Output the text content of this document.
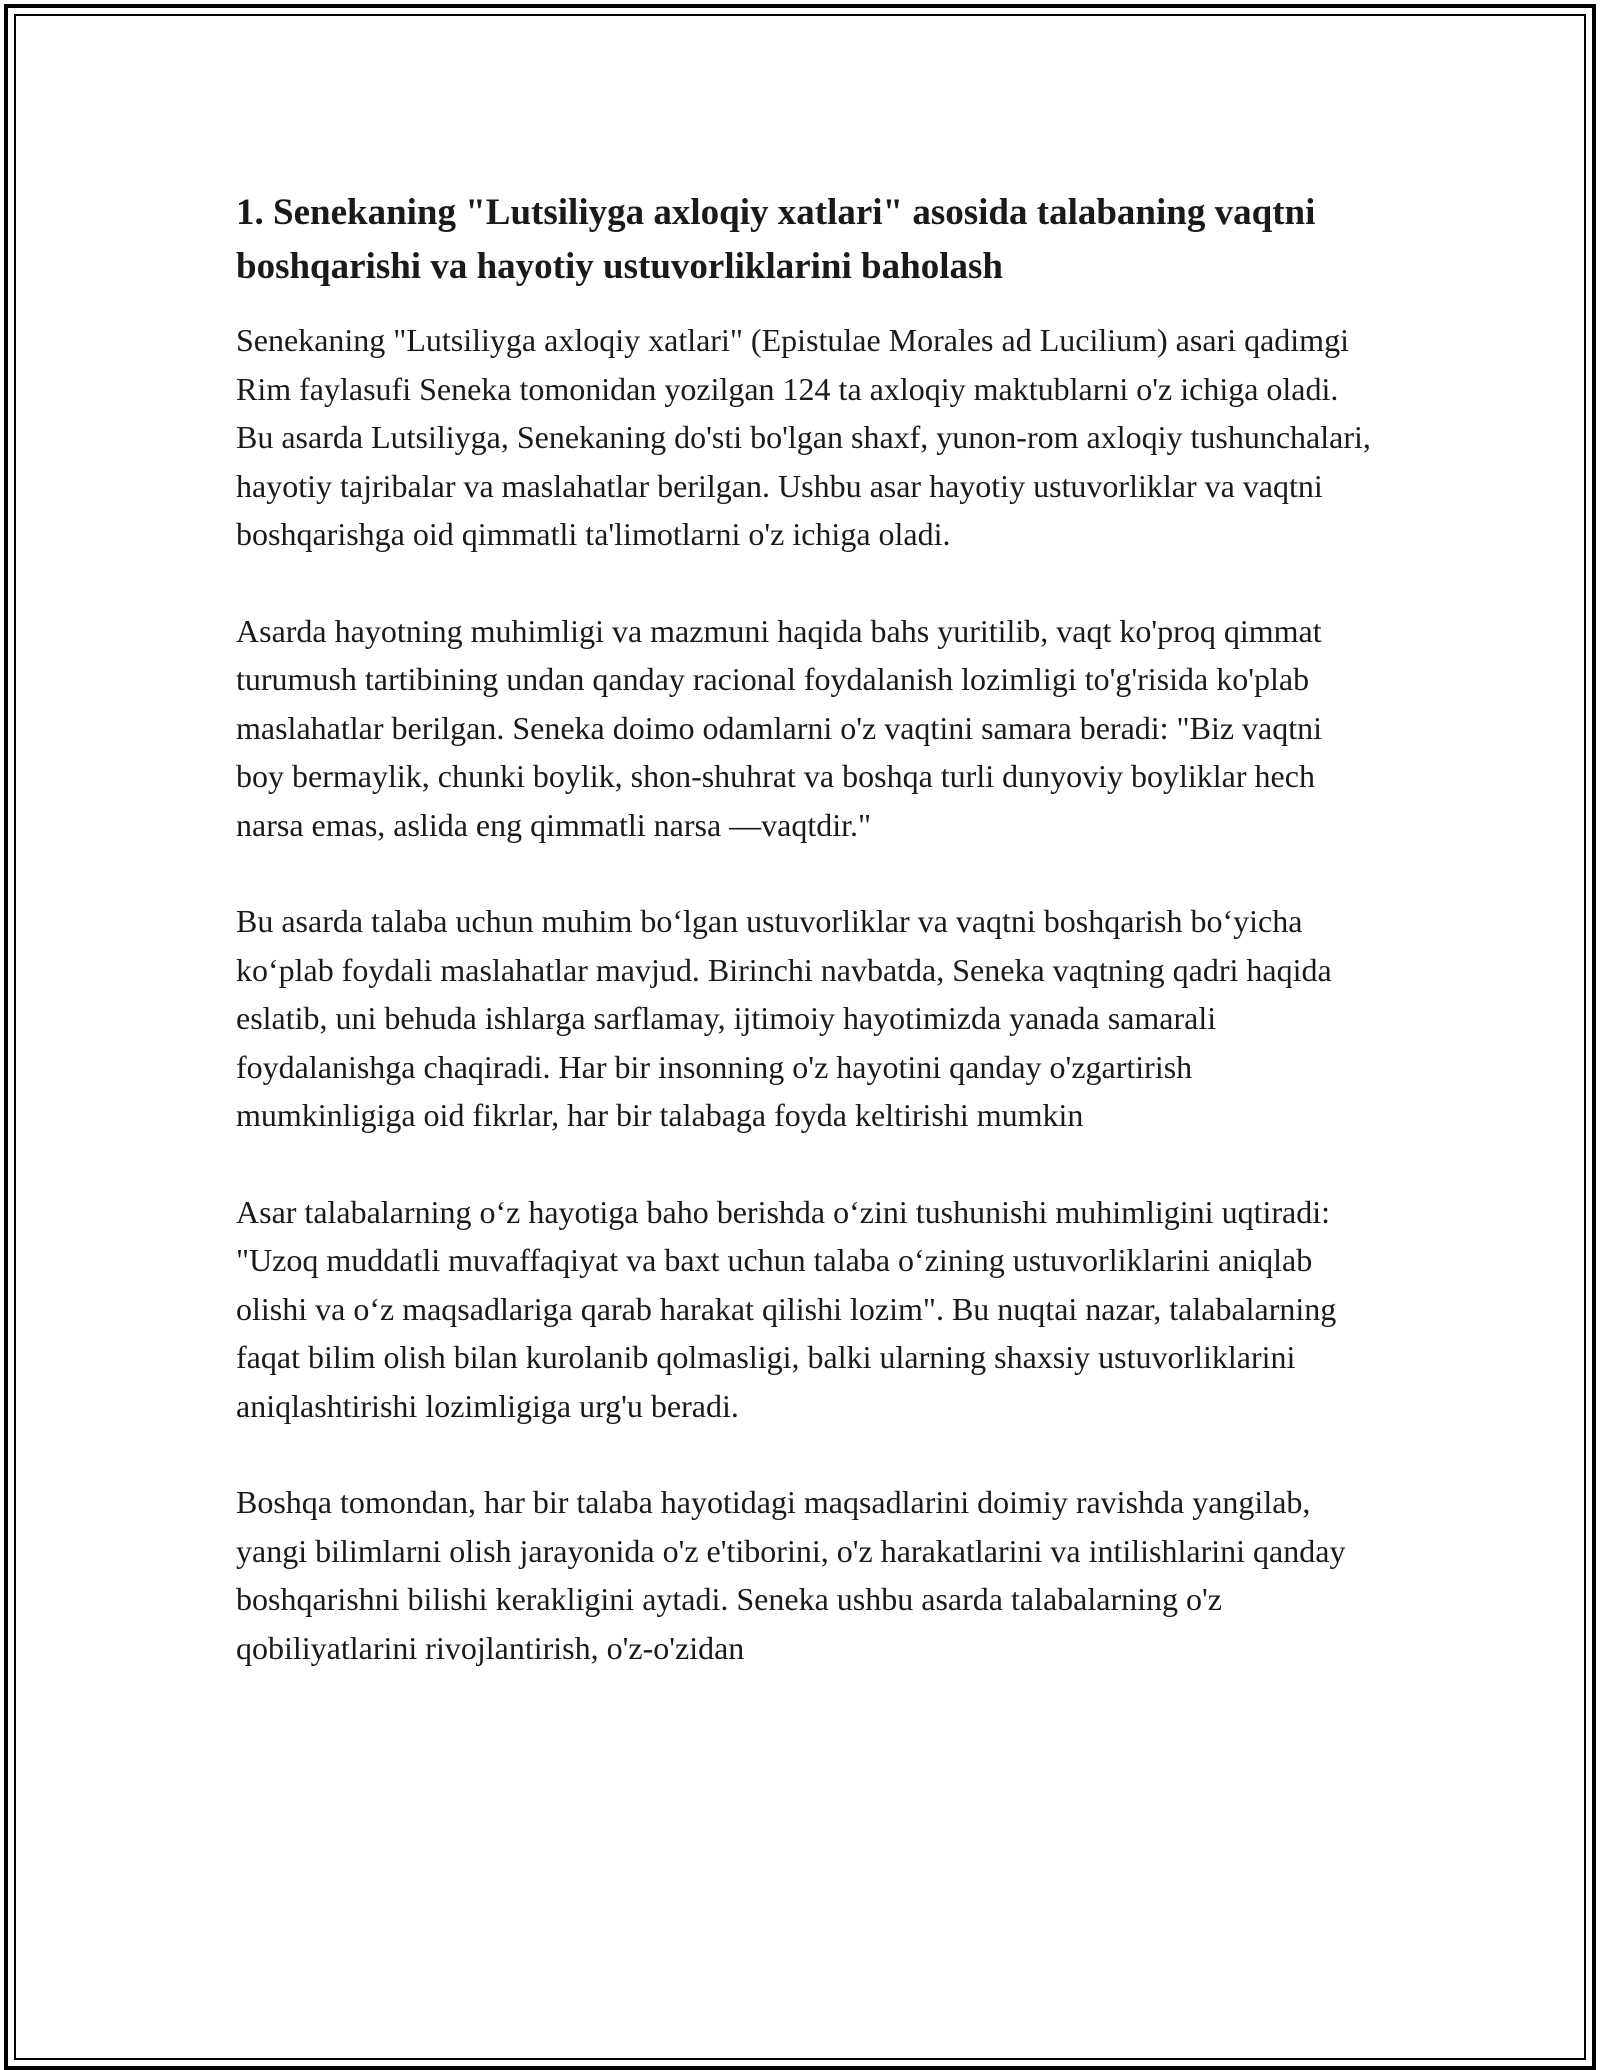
1. Senekaning "Lutsiliyga axloqiy xatlari" asosida talabaning vaqtni boshqarishi va hayotiy ustuvorliklarini baholash

Senekaning "Lutsiliyga axloqiy xatlari" (Epistulae Morales ad Lucilium) asari qadimgi Rim faylasufi Seneka tomonidan yozilgan 124 ta axloqiy maktublarni o'z ichiga oladi. Bu asarda Lutsiliyga, Senekaning do'sti bo'lgan shaxf, yunon-rom axloqiy tushunchalari, hayotiy tajribalar va maslahatlar berilgan. Ushbu asar hayotiy ustuvorliklar va vaqtni boshqarishga oid qimmatli ta'limotlarni o'z ichiga oladi.

Asarda hayotning muhimligi va mazmuni haqida bahs yuritilib, vaqt ko'proq qimmat turumush tartibining undan qanday racional foydalanish lozimligi to'g'risida ko'plab maslahatlar berilgan. Seneka doimo odamlarni o'z vaqtini samara beradi: "Biz vaqtni boy bermaylik, chunki boylik, shon-shuhrat va boshqa turli dunyoviy boyliklar hech narsa emas, aslida eng qimmatli narsa —vaqtdir."

Bu asarda talaba uchun muhim boʻlgan ustuvorliklar va vaqtni boshqarish boʻyicha koʻplab foydali maslahatlar mavjud. Birinchi navbatda, Seneka vaqtning qadri haqida eslatib, uni behuda ishlarga sarflamay, ijtimoiy hayotimizda yanada samarali foydalanishga chaqiradi. Har bir insonning o'z hayotini qanday o'zgartirish mumkinligiga oid fikrlar, har bir talabaga foyda keltirishi mumkin

Asar talabalarning oʻz hayotiga baho berishda oʻzini tushunishi muhimligini uqtiradi: "Uzoq muddatli muvaffaqiyat va baxt uchun talaba oʻzining ustuvorliklarini aniqlab olishi va oʻz maqsadlariga qarab harakat qilishi lozim". Bu nuqtai nazar, talabalarning faqat bilim olish bilan kurolanib qolmasligi, balki ularning shaxsiy ustuvorliklarini aniqlashtirishi lozimligiga urg'u beradi.

Boshqa tomondan, har bir talaba hayotidagi maqsadlarini doimiy ravishda yangilab, yangi bilimlarni olish jarayonida o'z e'tiborini, o'z harakatlarini va intilishlarini qanday boshqarishni bilishi kerakligini aytadi. Seneka ushbu asarda talabalarning o'z qobiliyatlarini rivojlantirish, o'z-o'zidan
